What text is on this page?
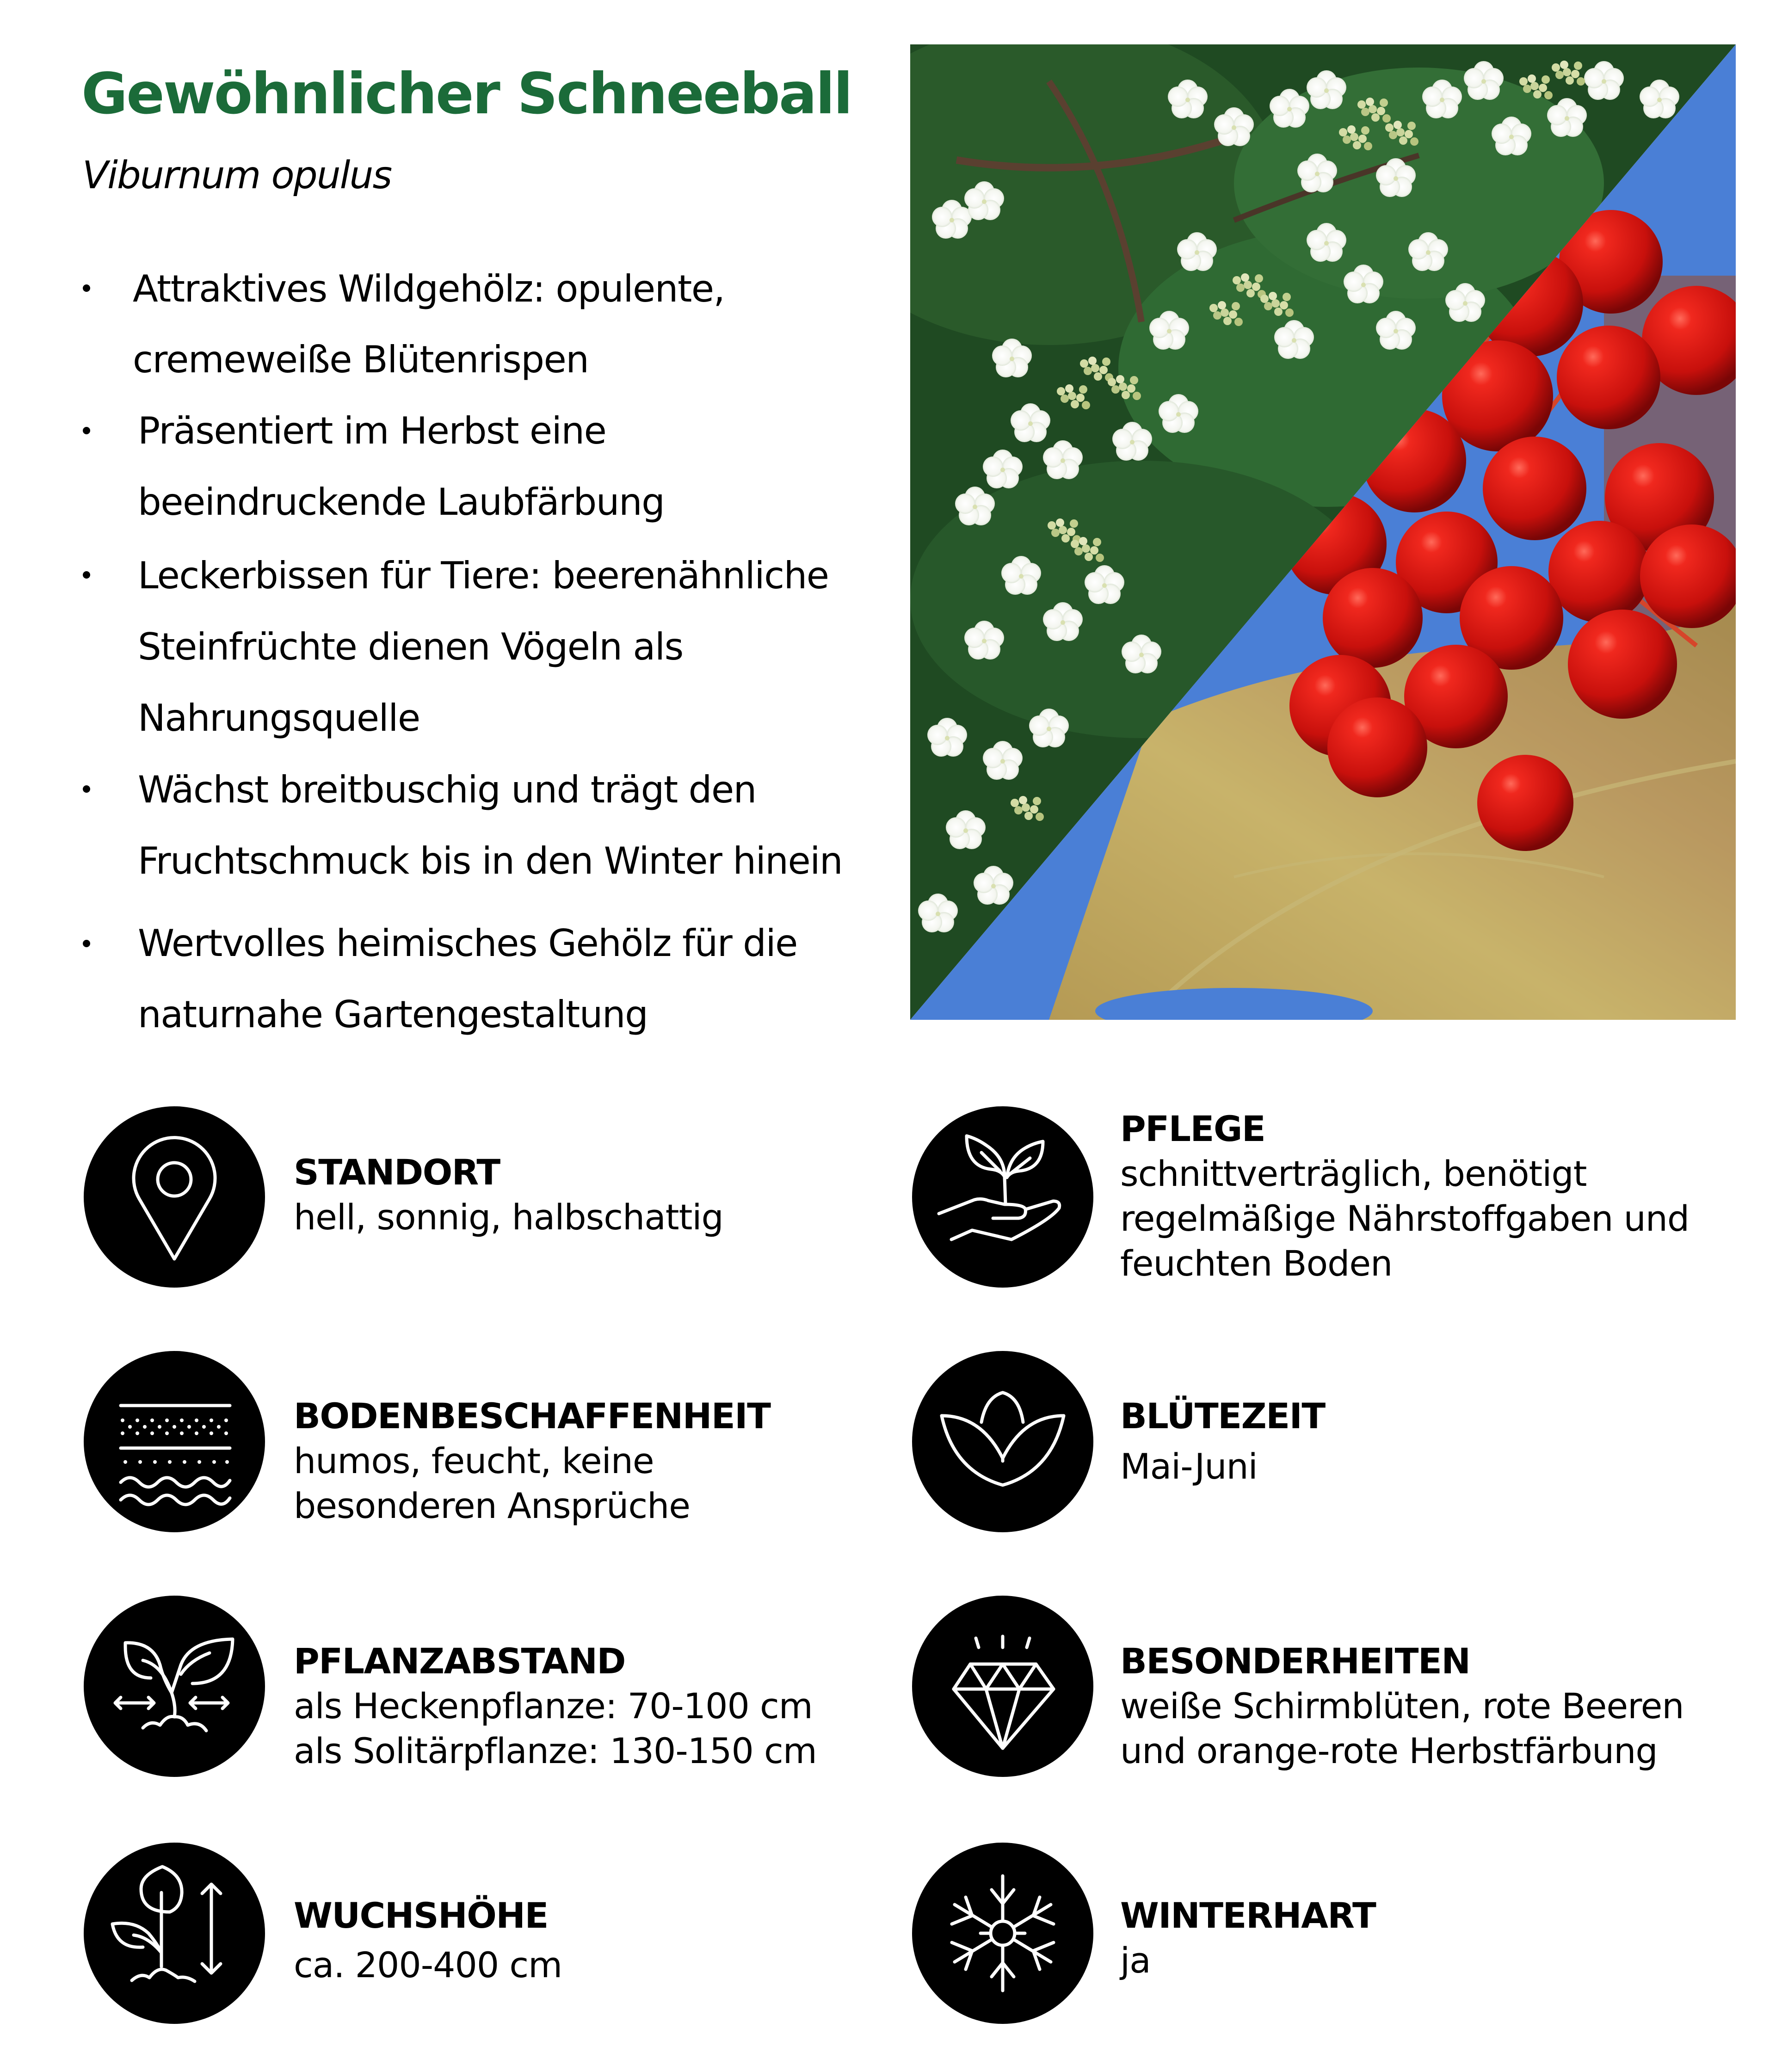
Gewöhnlicher Schneeball
Viburnum opulus
Attraktives Wildgehölz: opulente,
cremeweiße Blütenrispen
Präsentiert im Herbst eine
beeindruckende Laubfärbung
Leckerbissen für Tiere: beerenähnliche
Steinfrüchte dienen Vögeln als
Nahrungsquelle
Wächst breitbuschig und trägt den
Fruchtschmuck bis in den Winter hinein
Wertvolles heimisches Gehölz für die
naturnahe Gartengestaltung
STANDORT
hell, sonnig, halbschattig
PFLEGE
schnittverträglich, benötigt
regelmäßige Nährstoffgaben und
feuchten Boden
BODENBESCHAFFENHEIT
humos, feucht, keine
besonderen Ansprüche
BLÜTEZEIT
Mai-Juni
PFLANZABSTAND
als Heckenpflanze: 70-100 cm
als Solitärpflanze: 130-150 cm
BESONDERHEITEN
weiße Schirmblüten, rote Beeren
und orange-rote Herbstfärbung
WUCHSHÖHE
ca. 200-400 cm
WINTERHART
ja
